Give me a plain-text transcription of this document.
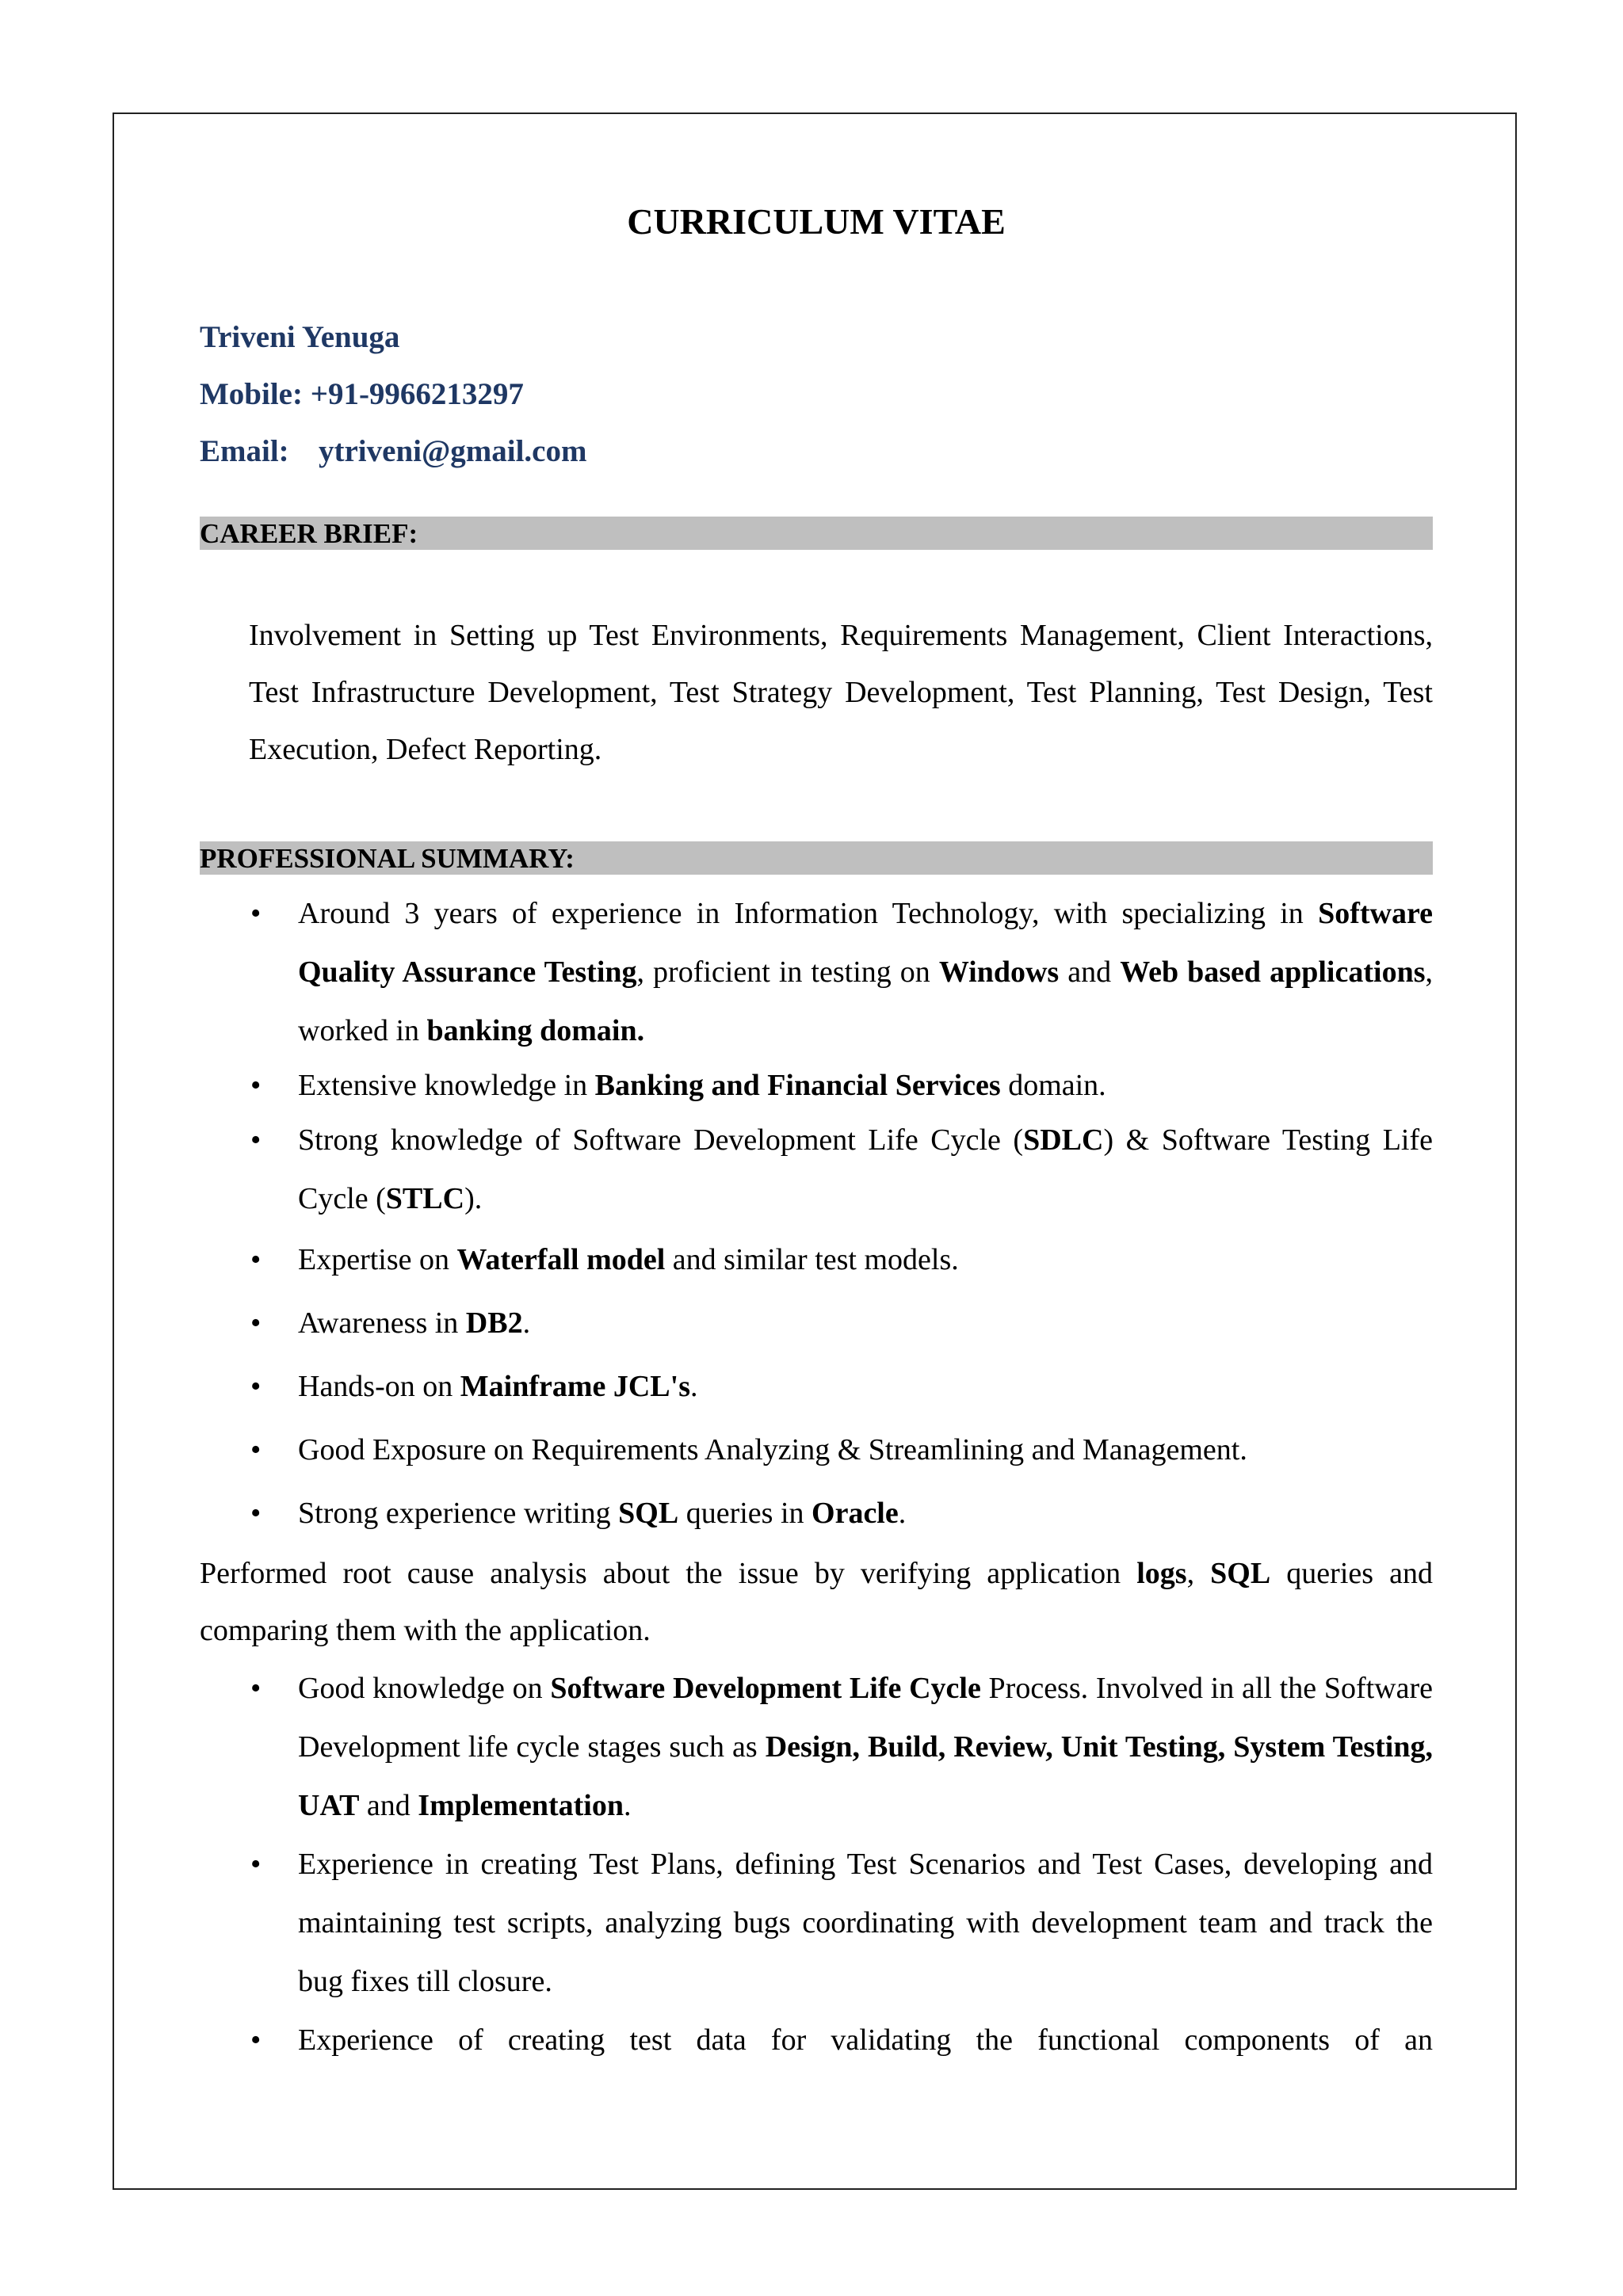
CURRICULUM VITAE
Triveni Yenuga
Mobile: +91-9966213297
Email: ytriveni@gmail.com
CAREER BRIEF:
Involvement in Setting up Test Environments, Requirements Management, Client Interactions, Test Infrastructure Development, Test Strategy Development, Test Planning, Test Design, Test Execution, Defect Reporting.
PROFESSIONAL SUMMARY:
• Around 3 years of experience in Information Technology, with specializing in Software Quality Assurance Testing, proficient in testing on Windows and Web based applications, worked in banking domain.
• Extensive knowledge in Banking and Financial Services domain.
• Strong knowledge of Software Development Life Cycle (SDLC) & Software Testing Life Cycle (STLC).
• Expertise on Waterfall model and similar test models.
• Awareness in DB2.
• Hands-on on Mainframe JCL's.
• Good Exposure on Requirements Analyzing & Streamlining and Management.
• Strong experience writing SQL queries in Oracle.
Performed root cause analysis about the issue by verifying application logs, SQL queries and comparing them with the application.
• Good knowledge on Software Development Life Cycle Process. Involved in all the Software Development life cycle stages such as Design, Build, Review, Unit Testing, System Testing, UAT and Implementation.
• Experience in creating Test Plans, defining Test Scenarios and Test Cases, developing and maintaining test scripts, analyzing bugs coordinating with development team and track the bug fixes till closure.
• Experience of creating test data for validating the functional components of an
